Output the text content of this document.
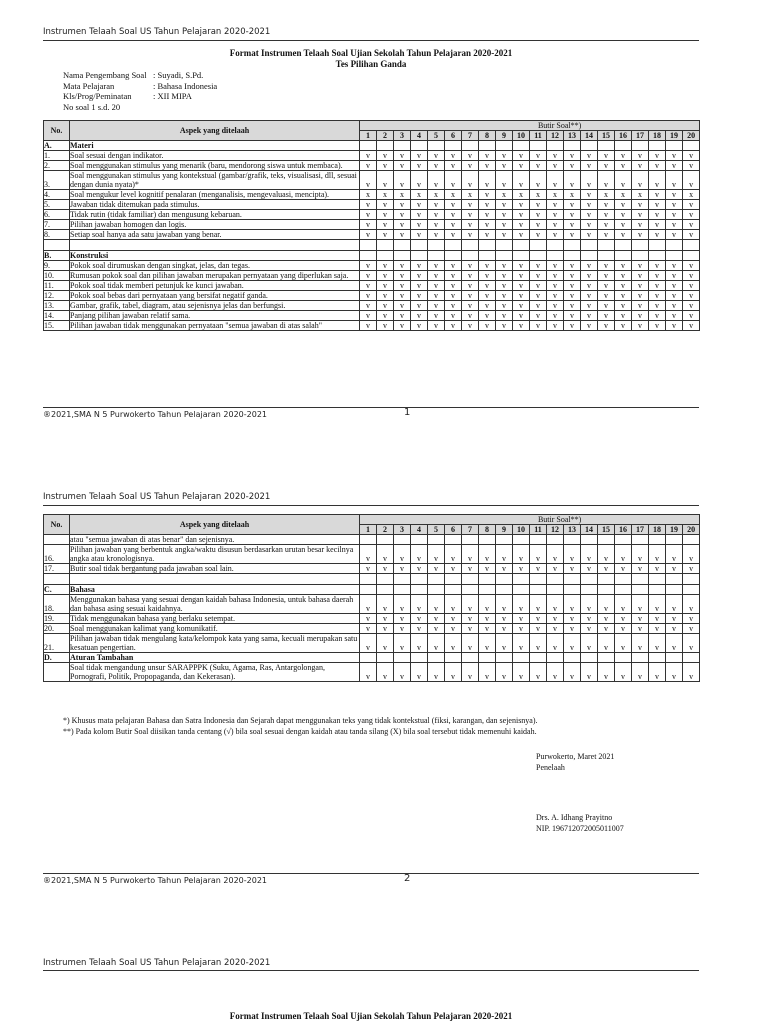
Instrumen Telaah Soal US Tahun Pelajaran 2020-2021
Format Instrumen Telaah Soal Ujian Sekolah Tahun Pelajaran 2020-2021
Tes Pilihan Ganda
Nama Pengembang Soal : Suyadi, S.Pd.
Mata Pelajaran	: Bahasa Indonesia
Kls/Prog/Peminatan	: XII MIPA
No soal 1 s.d. 20
No.	Aspek yang ditelaah	Butir Soal**)																			
		1	2	3	4	5	6	7	8	9	10	11	12	13	14	15	16	17	18	19	20
A.	Materi																				
1.	Soal sesuai dengan indikator.	v	v	v	v	v	v	v	v	v	v	v	v	v	v	v	v	v	v	v	v
2.	Soal menggunakan stimulus yang menarik (baru, mendorong siswa untuk membaca).	v	v	v	v	v	v	v	v	v	v	v	v	v	v	v	v	v	v	v	v
3.	Soal menggunakan stimulus yang kontekstual (gambar/grafik, teks, visualisasi, dll, sesuai dengan dunia nyata)*	v	v	v	v	v	v	v	v	v	v	v	v	v	v	v	v	v	v	v	v
4.	Soal mengukur level kognitif penalaran (menganalisis, mengevaluasi, mencipta).	x	x	x	x	x	x	x	v	x	x	x	x	x	v	x	x	x	v	v	x
5.	Jawaban tidak ditemukan pada stimulus.	v	v	v	v	v	v	v	v	v	v	v	v	v	v	v	v	v	v	v	v
6.	Tidak rutin (tidak familiar) dan mengusung kebaruan.	v	v	v	v	v	v	v	v	v	v	v	v	v	v	v	v	v	v	v	v
7.	Pilihan jawaban homogen dan logis.	v	v	v	v	v	v	v	v	v	v	v	v	v	v	v	v	v	v	v	v
8.	Setiap soal hanya ada satu jawaban yang benar.	v	v	v	v	v	v	v	v	v	v	v	v	v	v	v	v	v	v	v	v

B.	Konstruksi																				
9.	Pokok soal dirumuskan dengan singkat, jelas, dan tegas.	v	v	v	v	v	v	v	v	v	v	v	v	v	v	v	v	v	v	v	v
10.	Rumusan pokok soal dan pilihan jawaban merupakan pernyataan yang diperlukan saja.	v	v	v	v	v	v	v	v	v	v	v	v	v	v	v	v	v	v	v	v
11.	Pokok soal tidak memberi petunjuk ke kunci jawaban.	v	v	v	v	v	v	v	v	v	v	v	v	v	v	v	v	v	v	v	v
12.	Pokok soal bebas dari pernyataan yang bersifat negatif ganda.	v	v	v	v	v	v	v	v	v	v	v	v	v	v	v	v	v	v	v	v
13.	Gambar, grafik, tabel, diagram, atau sejenisnya jelas dan berfungsi.	v	v	v	v	v	v	v	v	v	v	v	v	v	v	v	v	v	v	v	v
14.	Panjang pilihan jawaban relatif sama.	v	v	v	v	v	v	v	v	v	v	v	v	v	v	v	v	v	v	v	v
15.	Pilihan jawaban tidak menggunakan pernyataan "semua jawaban di atas salah"	v	v	v	v	v	v	v	v	v	v	v	v	v	v	v	v	v	v	v	v
®2021,SMA N 5 Purwokerto Tahun Pelajaran 2020-2021	1
Instrumen Telaah Soal US Tahun Pelajaran 2020-2021
No.	Aspek yang ditelaah	Butir Soal**)																			
		1	2	3	4	5	6	7	8	9	10	11	12	13	14	15	16	17	18	19	20
	atau "semua jawaban di atas benar" dan sejenisnya.																				
16.	Pilihan jawaban yang berbentuk angka/waktu disusun berdasarkan urutan besar kecilnya angka atau kronologisnya.	v	v	v	v	v	v	v	v	v	v	v	v	v	v	v	v	v	v	v	v
17.	Butir soal tidak bergantung pada jawaban soal lain.	v	v	v	v	v	v	v	v	v	v	v	v	v	v	v	v	v	v	v	v

C.	Bahasa																				
18.	Menggunakan bahasa yang sesuai dengan kaidah bahasa Indonesia, untuk bahasa daerah dan bahasa asing sesuai kaidahnya.	v	v	v	v	v	v	v	v	v	v	v	v	v	v	v	v	v	v	v	v
19.	Tidak menggunakan bahasa yang berlaku setempat.	v	v	v	v	v	v	v	v	v	v	v	v	v	v	v	v	v	v	v	v
20.	Soal menggunakan kalimat yang komunikatif.	v	v	v	v	v	v	v	v	v	v	v	v	v	v	v	v	v	v	v	v
21.	Pilihan jawaban tidak mengulang kata/kelompok kata yang sama, kecuali merupakan satu kesatuan pengertian.	v	v	v	v	v	v	v	v	v	v	v	v	v	v	v	v	v	v	v	v
D.	Aturan Tambahan																				
	Soal tidak mengandung unsur SARAPPPK (Suku, Agama, Ras, Antargolongan, Pornografi, Politik, Propopaganda, dan Kekerasan).	v	v	v	v	v	v	v	v	v	v	v	v	v	v	v	v	v	v	v	v
*) Khusus mata pelajaran Bahasa dan Satra Indonesia dan Sejarah dapat menggunakan teks yang tidak kontekstual (fiksi, karangan, dan sejenisnya).
**) Pada kolom Butir Soal diisikan tanda centang (√) bila soal sesuai dengan kaidah atau tanda silang (X) bila soal tersebut tidak memenuhi kaidah.
Purwokerto, Maret 2021
Penelaah
Drs. A. Idhang Prayitno
NIP. 196712072005011007
®2021,SMA N 5 Purwokerto Tahun Pelajaran 2020-2021	2
Instrumen Telaah Soal US Tahun Pelajaran 2020-2021
Format Instrumen Telaah Soal Ujian Sekolah Tahun Pelajaran 2020-2021
